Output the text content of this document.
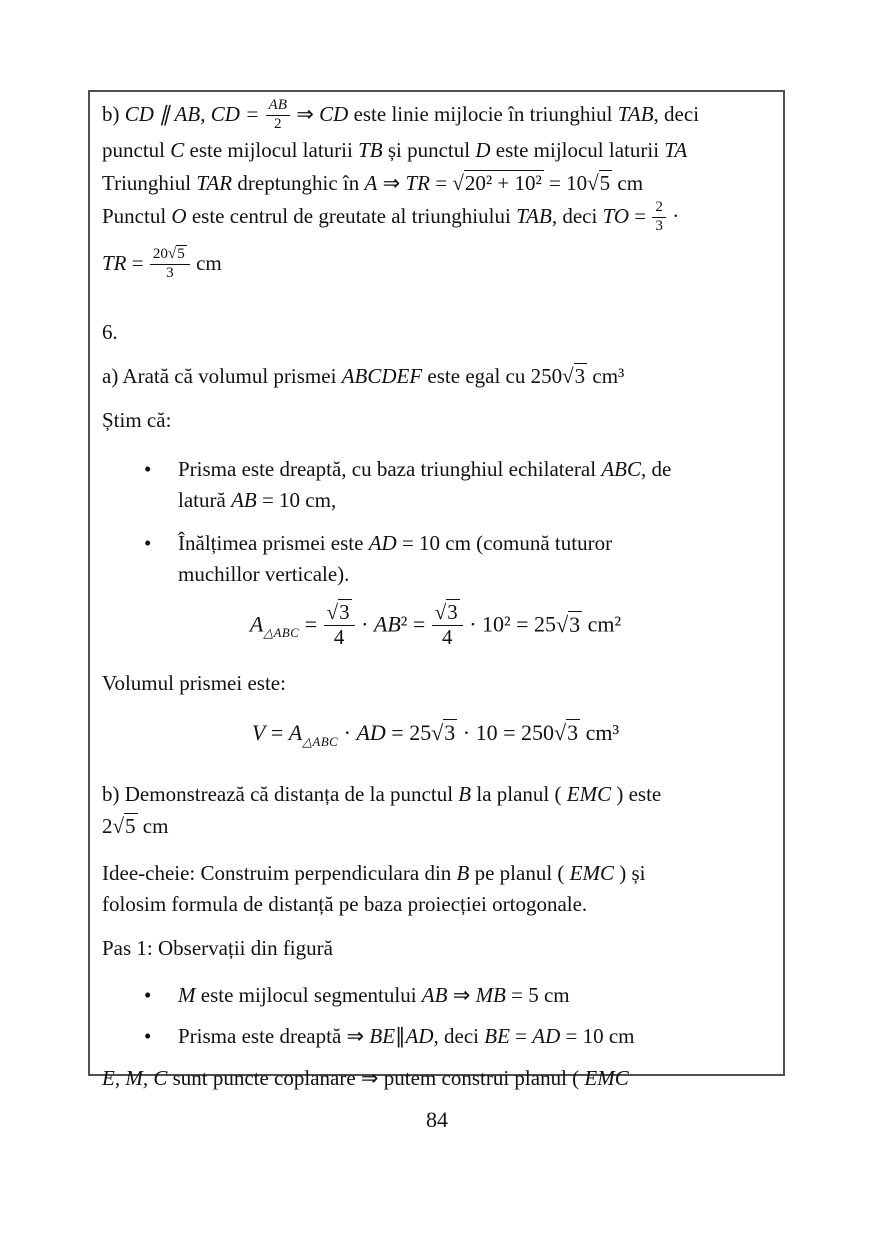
b) CD ∥ AB, CD = $\frac{AB}{2}$ ⇒ CD este linie mijlocie în triunghiul TAB, deci
punctul C este mijlocul laturii TB și punctul D este mijlocul laturii TA

Triunghiul TAR dreptunghic în A ⇒ TR = √20² + 10² = 10√5 cm

Punctul O este centrul de greutate al triunghiului TAB, deci TO = $\frac{2}{3}$ ·

TR = $\frac{20√5}{3}$ cm

6.

a) Arată că volumul prismei ABCDEF este egal cu 250√3 cm³

Știm că:

•	Prisma este dreaptă, cu baza triunghiul echilateral ABC, de
latură AB = 10 cm,
•	Înălțimea prismei este AD = 10 cm (comună tuturor
muchillor verticale).
$A_{\triangle ABC} = \frac{√3}{4} \cdot AB^2 = \frac{√3}{4} \cdot 10^2 = 25√3$ cm²

Volumul prismei este:

$V = A_{\triangle ABC}$ · AD = 25√3 · 10 = 250√3 cm³

b) Demonstrează că distanța de la punctul B la planul ( EMC ) este
2√5 cm

Idee-cheie: Construim perpendiculara din B pe planul ( EMC ) și
folosim formula de distanță pe baza proiecției ortogonale.

Pas 1: Observații din figură

•	M este mijlocul segmentului AB ⇒ MB = 5 cm
•	Prisma este dreaptă ⇒ BE∥AD, deci BE = AD = 10 cm

E, M, C sunt puncte coplanare ⇒ putem construi planul ( EMC

84
